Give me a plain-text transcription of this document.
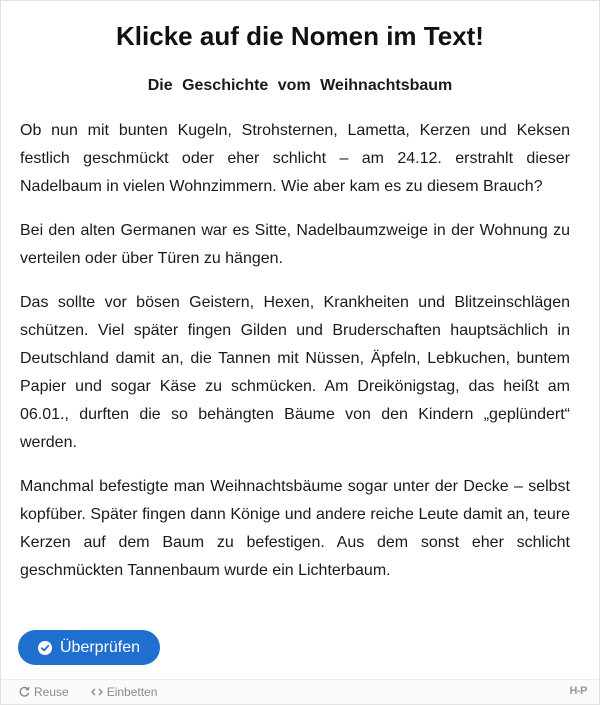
Klicke auf die Nomen im Text!
Die Geschichte vom Weihnachtsbaum

Ob nun mit bunten Kugeln, Strohsternen, Lametta, Kerzen und Keksen festlich geschmückt oder eher schlicht – am 24.12. erstrahlt dieser Nadelbaum in vielen Wohnzimmern. Wie aber kam es zu diesem Brauch?

Bei den alten Germanen war es Sitte, Nadelbaumzweige in der Wohnung zu verteilen oder über Türen zu hängen.

Das sollte vor bösen Geistern, Hexen, Krankheiten und Blitzeinschlägen schützen. Viel später fingen Gilden und Bruderschaften hauptsächlich in Deutschland damit an, die Tannen mit Nüssen, Äpfeln, Lebkuchen, buntem Papier und sogar Käse zu schmücken. Am Dreikönigstag, das heißt am 06.01., durften die so behängten Bäume von den Kindern „geplündert“ werden.

Manchmal befestigte man Weihnachtsbäume sogar unter der Decke – selbst kopfüber. Später fingen dann Könige und andere reiche Leute damit an, teure Kerzen auf dem Baum zu befestigen. Aus dem sonst eher schlicht geschmückten Tannenbaum wurde ein Lichterbaum.

Überprüfen
Reuse	Einbetten	H-P
